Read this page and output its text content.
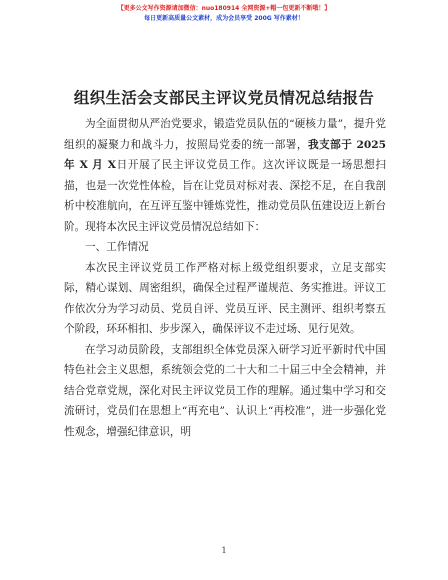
【更多公文写作资源请加微信：nuo180914 全网资源+帽一包更新不断哦！】
每日更新高质量公文素材，成为会员享受 200G 写作素材！
组织生活会支部民主评议党员情况总结报告

为全面贯彻从严治党要求，锻造党员队伍的“硬核力量”，提升党组织的凝聚力和战斗力，按照局党委的统一部署，我支部于 2025 年 X 月 X日开展了民主评议党员工作。这次评议既是一场思想扫描，也是一次党性体检，旨在让党员对标对表、深挖不足，在自我剖析中校准航向，在互评互鉴中锤炼党性，推动党员队伍建设迈上新台阶。现将本次民主评议党员情况总结如下：

一、工作情况

本次民主评议党员工作严格对标上级党组织要求，立足支部实际，精心谋划、周密组织，确保全过程严谨规范、务实推进。评议工作依次分为学习动员、党员自评、党员互评、民主测评、组织考察五个阶段，环环相扣、步步深入，确保评议不走过场、见行见效。

在学习动员阶段，支部组织全体党员深入研学习近平新时代中国特色社会主义思想，系统领会党的二十大和二十届三中全会精神，并结合党章党规，深化对民主评议党员工作的理解。通过集中学习和交流研讨，党员们在思想上“再充电”、认识上“再校准”，进一步强化党性观念，增强纪律意识，明

1
